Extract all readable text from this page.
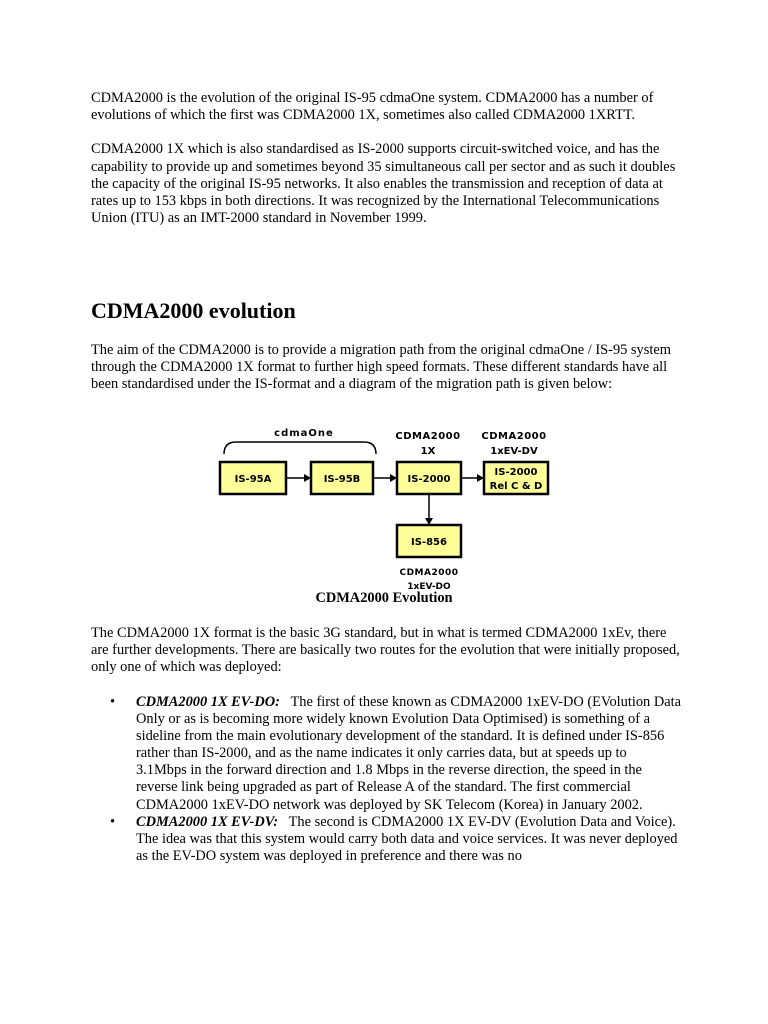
CDMA2000 is the evolution of the original IS-95 cdmaOne system. CDMA2000 has a number of evolutions of which the first was CDMA2000 1X, sometimes also called CDMA2000 1XRTT.

CDMA2000 1X which is also standardised as IS-2000 supports circuit-switched voice, and has the capability to provide up and sometimes beyond 35 simultaneous call per sector and as such it doubles the capacity of the original IS-95 networks. It also enables the transmission and reception of data at rates up to 153 kbps in both directions. It was recognized by the International Telecommunications Union (ITU) as an IMT-2000 standard in November 1999.

CDMA2000 evolution

The aim of the CDMA2000 is to provide a migration path from the original cdmaOne / IS-95 system through the CDMA2000 1X format to further high speed formats. These different standards have all been standardised under the IS-format and a diagram of the migration path is given below:

cdmaOne	CDMA2000
1X
CDMA2000
1xEV-DV
IS-95A	IS-95B	IS-2000
IS-2000
Rel C & D
IS-856
CDMA2000
1xEV-DO
CDMA2000 Evolution

The CDMA2000 1X format is the basic 3G standard, but in what is termed CDMA2000 1xEv, there are further developments. There are basically two routes for the evolution that were initially proposed, only one of which was deployed:

• CDMA2000 1X EV-DO: The first of these known as CDMA2000 1xEV-DO (EVolution Data Only or as is becoming more widely known Evolution Data Optimised) is something of a sideline from the main evolutionary development of the standard. It is defined under IS-856 rather than IS-2000, and as the name indicates it only carries data, but at speeds up to 3.1Mbps in the forward direction and 1.8 Mbps in the reverse direction, the speed in the reverse link being upgraded as part of Release A of the standard. The first commercial CDMA2000 1xEV-DO network was deployed by SK Telecom (Korea) in January 2002.
• CDMA2000 1X EV-DV: The second is CDMA2000 1X EV-DV (Evolution Data and Voice). The idea was that this system would carry both data and voice services. It was never deployed as the EV-DO system was deployed in preference and there was no
